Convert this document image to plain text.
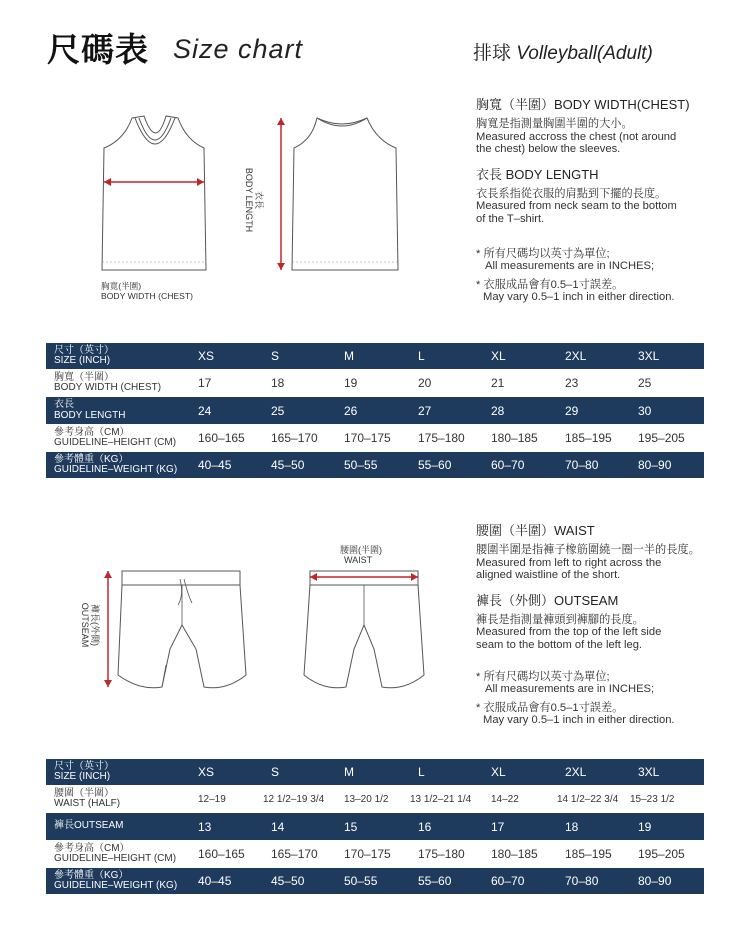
尺碼表 Size chart	排球 Volleyball(Adult)
胸寬(半圍)
BODY WIDTH (CHEST)
衣長
BODY LENGTH
胸寬（半圍）BODY WIDTH(CHEST)

胸寬是指測量胸圍半圍的大小。

Measured accross the chest (not around

the chest) below the sleeves.

衣長 BODY LENGTH

衣長系指從衣服的肩點到下擺的長度。

Measured from neck seam to the bottom

of the T–shirt.

* 所有尺碼均以英寸為單位;

All measurements are in INCHES;

* 衣服成品會有0.5–1寸誤差。

May vary 0.5–1 inch in either direction.

尺寸（英寸）
SIZE (INCH)	XS	S	M	L	XL	2XL	3XL

胸寬（半圍）
BODY WIDTH (CHEST)	17	18	19	20	21	23	25

衣長
BODY LENGTH	24	25	26	27	28	29	30

參考身高（CM）
GUIDELINE–HEIGHT (CM)	160–165	165–170	170–175	175–180	180–185	185–195	195–205

參考體重（KG）
GUIDELINE–WEIGHT (KG)	40–45	45–50	50–55	55–60	60–70	70–80	80–90
褲長(外側)
OUTSEAM
腰圍(半圍)
WAIST
腰圍（半圍）WAIST

腰圍半圍是指褲子橡筋圍繞一圈一半的長度。

Measured from left to right across the

aligned waistline of the short.

褲長（外側）OUTSEAM

褲長是指測量褲頭到褲腳的長度。

Measured from the top of the left side

seam to the bottom of the left leg.

* 所有尺碼均以英寸為單位;

All measurements are in INCHES;

* 衣服成品會有0.5–1寸誤差。

May vary 0.5–1 inch in either direction.

尺寸（英寸）
SIZE (INCH)	XS	S	M	L	XL	2XL	3XL

腰圍（半圍）
WAIST (HALF)	12–19	12 1/2–19 3/4	13–20 1/2	13 1/2–21 1/4	14–22	14 1/2–22 3/4	15–23 1/2

褲長OUTSEAM	13	14	15	16	17	18	19

參考身高（CM）
GUIDELINE–HEIGHT (CM)	160–165	165–170	170–175	175–180	180–185	185–195	195–205

參考體重（KG）
GUIDELINE–WEIGHT (KG)	40–45	45–50	50–55	55–60	60–70	70–80	80–90
